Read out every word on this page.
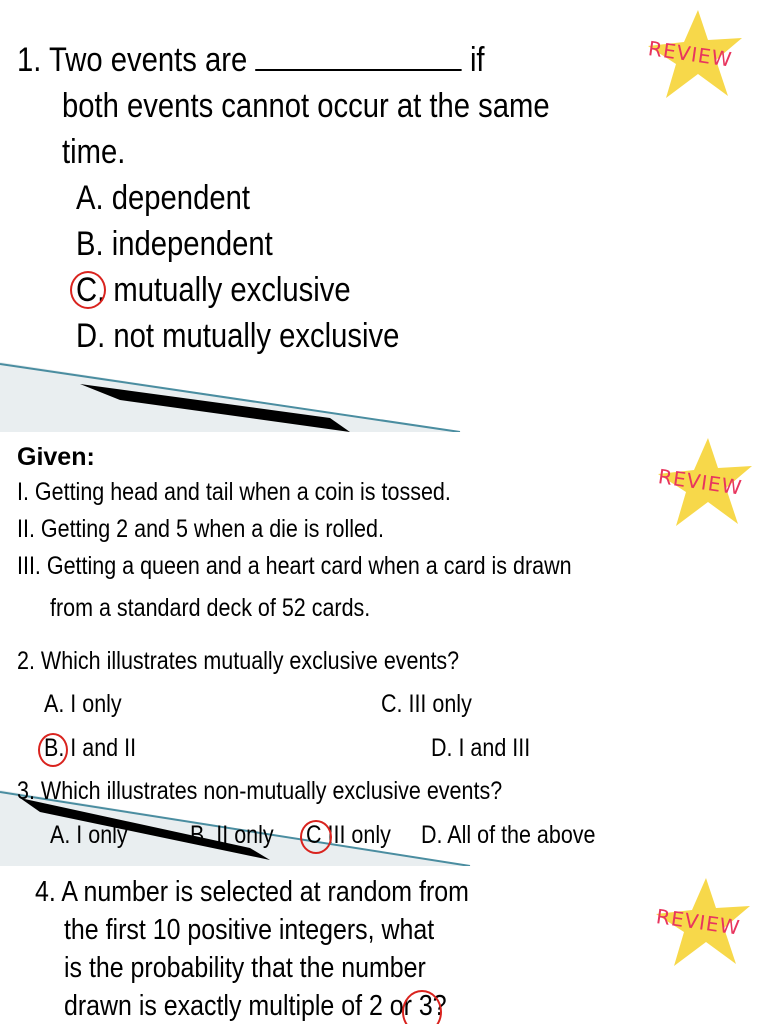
1. Two events are	if
both events cannot occur at the same
time.
A. dependent
B. independent
C. mutually exclusive
D. not mutually exclusive
REVIEW
Given:
I. Getting head and tail when a coin is tossed.
II. Getting 2 and 5 when a die is rolled.
III. Getting a queen and a heart card when a card is drawn
from a standard deck of 52 cards.
2. Which illustrates mutually exclusive events?
A. I only	C. III only
B. I and II	D. I and III
3. Which illustrates non-mutually exclusive events?
A. I only	B. II only	C III only	D. All of the above
REVIEW
4. A number is selected at random from
the first 10 positive integers, what
is the probability that the number
drawn is exactly multiple of 2 or 3?
REVIEW
